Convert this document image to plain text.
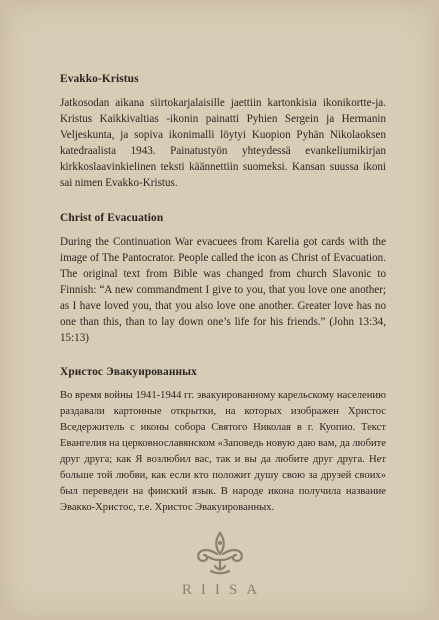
Evakko-Kristus

Jatkosodan aikana siirtokarjalaisille jaettiin kartonkisia ikonikortte-ja. Kristus Kaikkivaltias -ikonin painatti Pyhien Sergein ja Hermanin Veljeskunta, ja sopiva ikonimalli löytyi Kuopion Pyhän Nikolaoksen katedraalista 1943. Painatustyön yhteydessä evankeliumikirjan kirkkoslaavinkielinen teksti käännettiin suomeksi. Kansan suussa ikoni sai nimen Evakko-Kristus.

Christ of Evacuation

During the Continuation War evacuees from Karelia got cards with the image of The Pantocrator. People called the icon as Christ of Evacuation. The original text from Bible was changed from church Slavonic to Finnish: “A new commandment I give to you, that you love one another; as I have loved you, that you also love one another. Greater love has no one than this, than to lay down one’s life for his friends.” (John 13:34, 15:13)

Христос Эвакуированных

Во время войны 1941-1944 гг. эвакуированному карельскому населению раздавали картонные открытки, на которых изображен Христос Вседержитель с иконы собора Святого Николая в г. Куопио. Текст Евангелия на церковнославянском «Заповедь новую даю вам, да любите друг друга; как Я возлюбил вас, так и вы да любите друг друга. Нет больше той любви, как если кто положит душу свою за друзей своих» был переведен на финский язык. В народе икона получила название Эвакко-Христос, т.е. Христос Эвакуированных.

RIISA
